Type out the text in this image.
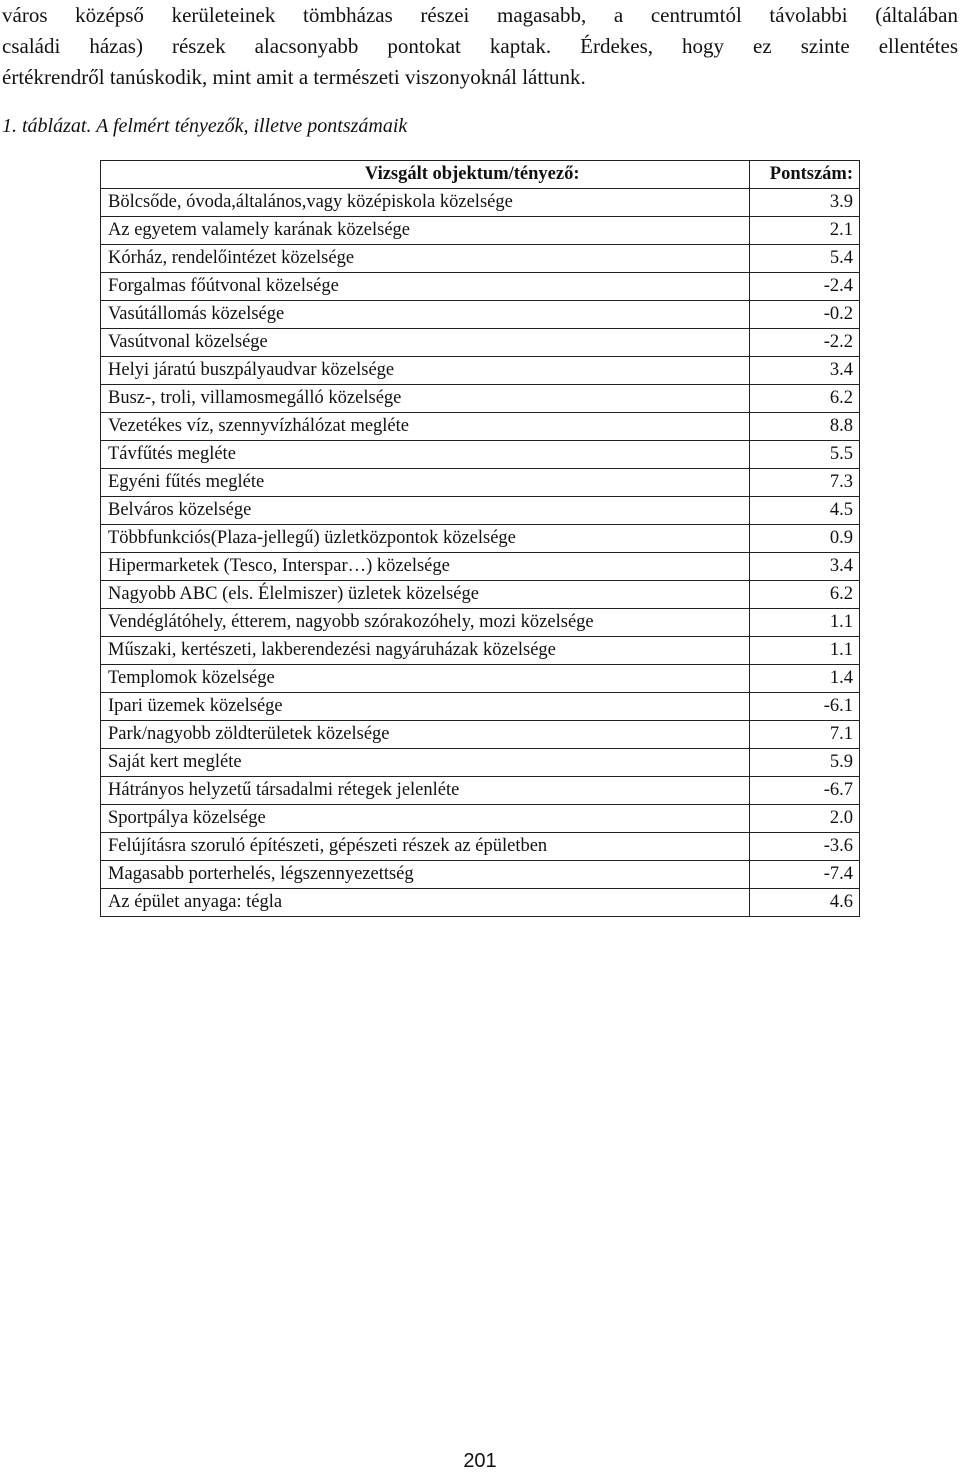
város középső kerületeinek tömbházas részei magasabb, a centrumtól távolabbi (általában
családi házas) részek alacsonyabb pontokat kaptak. Érdekes, hogy ez szinte ellentétes
értékrendről tanúskodik, mint amit a természeti viszonyoknál láttunk.
1. táblázat. A felmért tényezők, illetve pontszámaik
Vizsgált objektum/tényező:	Pontszám:
Bölcsőde, óvoda,általános,vagy középiskola közelsége	3.9
Az egyetem valamely karának közelsége	2.1
Kórház, rendelőintézet közelsége	5.4
Forgalmas főútvonal közelsége	-2.4
Vasútállomás közelsége	-0.2
Vasútvonal közelsége	-2.2
Helyi járatú buszpályaudvar közelsége	3.4
Busz-, troli, villamosmegálló közelsége	6.2
Vezetékes víz, szennyvízhálózat megléte	8.8
Távfűtés megléte	5.5
Egyéni fűtés megléte	7.3
Belváros közelsége	4.5
Többfunkciós(Plaza-jellegű) üzletközpontok közelsége	0.9
Hipermarketek (Tesco, Interspar…) közelsége	3.4
Nagyobb ABC (els. Élelmiszer) üzletek közelsége	6.2
Vendéglátóhely, étterem, nagyobb szórakozóhely, mozi közelsége	1.1
Műszaki, kertészeti, lakberendezési nagyáruházak közelsége	1.1
Templomok közelsége	1.4
Ipari üzemek közelsége	-6.1
Park/nagyobb zöldterületek közelsége	7.1
Saját kert megléte	5.9
Hátrányos helyzetű társadalmi rétegek jelenléte	-6.7
Sportpálya közelsége	2.0
Felújításra szoruló építészeti, gépészeti részek az épületben	-3.6
Magasabb porterhelés, légszennyezettség	-7.4
Az épület anyaga: tégla	4.6
201
